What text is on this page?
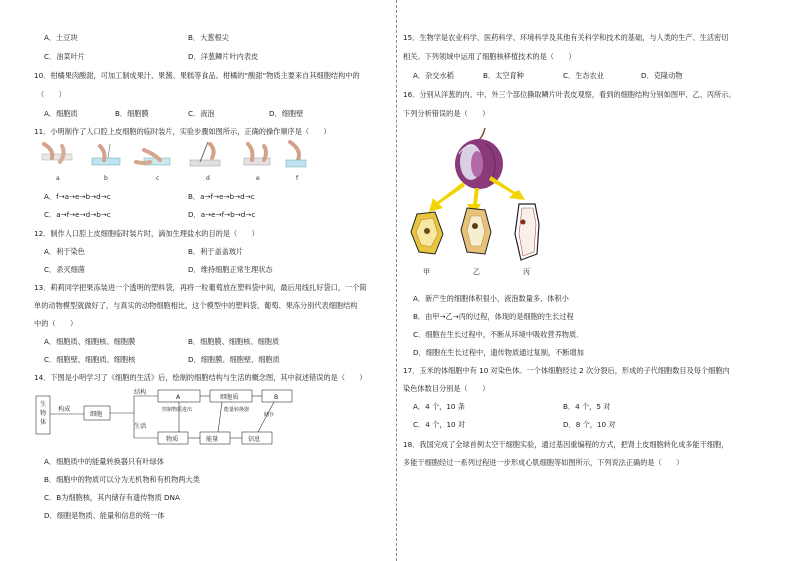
A．土豆块	B．大葱根尖
C．油菜叶片	D．洋葱鳞片叶内表皮
10．柑橘果肉酸甜，可加工制成果汁、果酱、果糕等食品。柑橘的“酸甜”物质主要来自其细胞结构中的
（　　）
A．细胞质	B．细胞膜	C．液泡	D．细胞壁
11．小明制作了人口腔上皮细胞的临时装片，实验步骤如图所示，正确的操作顺序是（　　）
a	b	c	d	e	f
A．f→a→e→b→d→c	B．a→f→e→b→d→c
C．a→f→e→d→b→c	D．a→e→f→b→d→c
12．制作人口腔上皮细胞临时装片时，滴加生理盐水的目的是（　　）
A．利于染色	B．利于盖盖玻片
C．杀灭细菌	D．维持细胞正常生理状态
13．莉莉同学把果冻装进一个透明的塑料袋，再将一粒葡萄放在塑料袋中间，最后用线扎好袋口，一个简
单的动物模型就做好了，与真实的动物细胞相比，这个模型中的塑料袋、葡萄、果冻分别代表细胞结构
中的（　　）
A．细胞质、细胞核、细胞膜	B．细胞膜、细胞核、细胞质
C．细胞壁、细胞质、细胞核	D．细胞膜、细胞壁、细胞质
14．下图是小明学习了《细胞的生活》后，绘制的细胞结构与生活的概念图，其中叙述错误的是（　　）
生物体
构成
细胞
结构
A	细胞质	B
生活
物质	能量	信息
控制物质进出	能量转换器
储存
A．细胞质中的能量转换器只有叶绿体
B．细胞中的物质可以分为无机物和有机物两大类
C．B为细胞核，其内储存有遗传物质 DNA
D．细胞是物质、能量和信息的统一体
15．生物学是农业科学、医药科学、环境科学及其他有关科学和技术的基础，与人类的生产、生活密切
相关。下列领域中运用了细胞核移植技术的是（　　）
A．杂交水稻	B．太空育种	C．生态农业	D．克隆动物
16．分别从洋葱的内、中、外三个部位撕取鳞片叶表皮观察，看到的细胞结构分别如图甲、乙、丙所示。
下列分析错误的是（　　）
甲	乙	丙
A．新产生的细胞体积很小，液泡数量多、体积小
B．由甲→乙→丙的过程，体现的是细胞的生长过程
C．细胞在生长过程中，不断从环境中吸收营养物质．
D．细胞在生长过程中，遗传物质通过复制，不断增加
17．玉米的体细胞中有 10 对染色体。一个体细胞经过 2 次分裂后，形成的子代细胞数目及每个细胞内
染色体数目分别是（　　）
A．4 个，10 条	B．4 个，5 对
C．4 个，10 对	D．8 个，10 对
18．我国完成了全球首例太空干细胞实验，通过基因重编程的方式，把肾上皮细胞转化成多能干细胞，
多能干细胞经过一系列过程进一步形成心肌细胞等如图所示，下列说法正确的是（　　）
